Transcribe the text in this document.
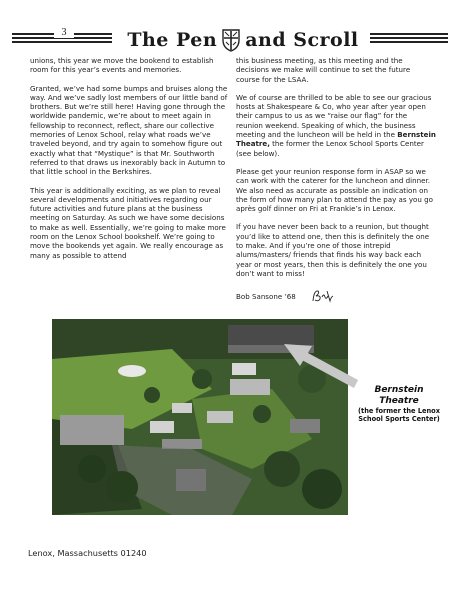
3	The Pen and Scroll

unions, this year we move the bookend to establish room for this year’s events and memories.

Granted, we’ve had some bumps and bruises along the way. And we’ve sadly lost members of our little band of brothers. But we’re still here! Having gone through the worldwide pandemic, we’re about to meet again in fellowship to reconnect, reflect, share our collective memories of Lenox School, relay what roads we’ve traveled beyond, and try again to somehow figure out exactly what that “Mystique” is that Mr. Southworth referred to that draws us inexorably back in Autumn to that little school in the Berkshires.

This year is additionally exciting, as we plan to reveal several developments and initiatives regarding our future activities and future plans at the business meeting on Saturday. As such we have some decisions to make as well. Essentially, we’re going to make more room on the Lenox School bookshelf. We’re going to move the bookends yet again. We really encourage as many as possible to attend

this business meeting, as this meeting and the decisions we make will continue to set the future course for the LSAA.

We of course are thrilled to be able to see our gracious hosts at Shakespeare & Co, who year after year open their campus to us as we “raise our flag” for the reunion weekend. Speaking of which, the business meeting and the luncheon will be held in the Bernstein Theatre, the former the Lenox School Sports Center (see below).

Please get your reunion response form in ASAP so we can work with the caterer for the luncheon and dinner. We also need as accurate as possible an indication on the form of how many plan to attend the pay as you go après golf dinner on Fri at Frankie’s in Lenox.

If you have never been back to a reunion, but thought you’d like to attend one, then this is definitely the one to make. And if you’re one of those intrepid alums/masters/ friends that finds his way back each year or most years, then this is definitely the one you don’t want to miss!

Bob Sansone ’68
Bernstein Theatre
(the former the Lenox School Sports Center)
Lenox, Massachusetts 01240
